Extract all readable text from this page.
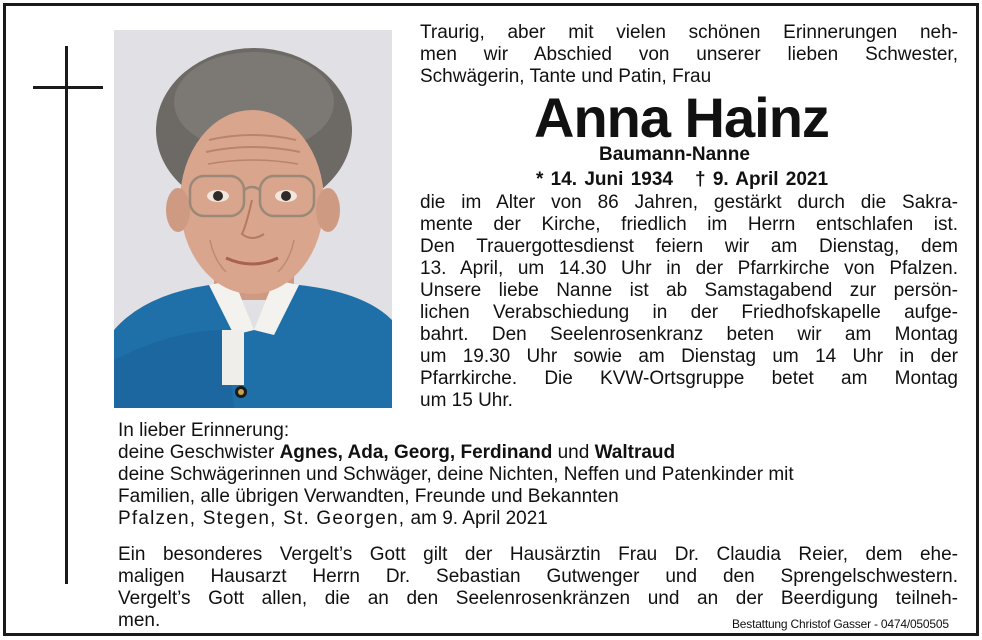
Traurig, aber mit vielen schönen Erinnerungen neh-
men wir Abschied von unserer lieben Schwester,
Schwägerin, Tante und Patin, Frau
Anna Hainz
Baumann-Nanne
* 14. Juni 1934 † 9. April 2021
die im Alter von 86 Jahren, gestärkt durch die Sakra-
mente der Kirche, friedlich im Herrn entschlafen ist.
Den Trauergottesdienst feiern wir am Dienstag, dem
13. April, um 14.30 Uhr in der Pfarrkirche von Pfalzen.
Unsere liebe Nanne ist ab Samstagabend zur persön-
lichen Verabschiedung in der Friedhofskapelle aufge-
bahrt. Den Seelenrosenkranz beten wir am Montag
um 19.30 Uhr sowie am Dienstag um 14 Uhr in der
Pfarrkirche. Die KVW-Ortsgruppe betet am Montag
um 15 Uhr.
In lieber Erinnerung:
deine Geschwister Agnes, Ada, Georg, Ferdinand und Waltraud
deine Schwägerinnen und Schwäger, deine Nichten, Neffen und Patenkinder mit
Familien, alle übrigen Verwandten, Freunde und Bekannten
Pfalzen, Stegen, St. Georgen, am 9. April 2021
Ein besonderes Vergelt’s Gott gilt der Hausärztin Frau Dr. Claudia Reier, dem ehe-
maligen Hausarzt Herrn Dr. Sebastian Gutwenger und den Sprengelschwestern.
Vergelt’s Gott allen, die an den Seelenrosenkränzen und an der Beerdigung teilneh-
men.	Bestattung Christof Gasser - 0474/050505
